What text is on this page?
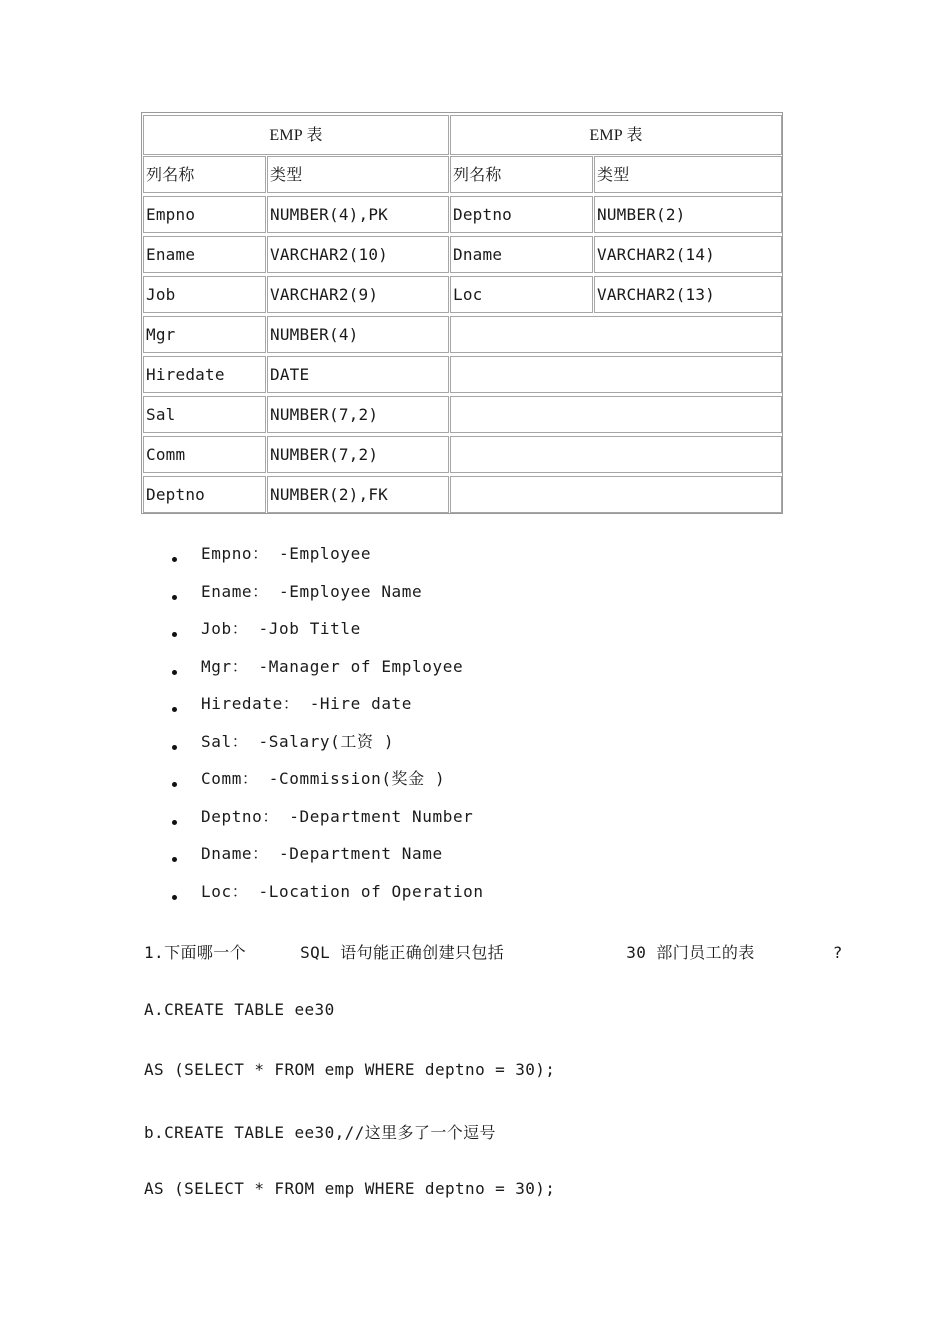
EMP 表	EMP 表
列名称	类型	列名称	类型
Empno	NUMBER(4),PK	Deptno	NUMBER(2)
Ename	VARCHAR2(10)	Dname	VARCHAR2(14)
Job	VARCHAR2(9)	Loc	VARCHAR2(13)
Mgr	NUMBER(4)
Hiredate	DATE
Sal	NUMBER(7,2)
Comm	NUMBER(7,2)
Deptno	NUMBER(2),FK
Empno： -Employee
Ename： -Employee Name
Job： -Job Title
Mgr： -Manager of Employee
Hiredate： -Hire date
Sal： -Salary(工资 )
Comm： -Commission(奖金 )
Deptno： -Department Number
Dname： -Department Name
Loc： -Location of Operation
1.下面哪一个	SQL 语句能正确创建只包括	30 部门员工的表	?
A.CREATE TABLE ee30
AS (SELECT * FROM emp WHERE deptno = 30);
b.CREATE TABLE ee30,//这里多了一个逗号
AS (SELECT * FROM emp WHERE deptno = 30);
